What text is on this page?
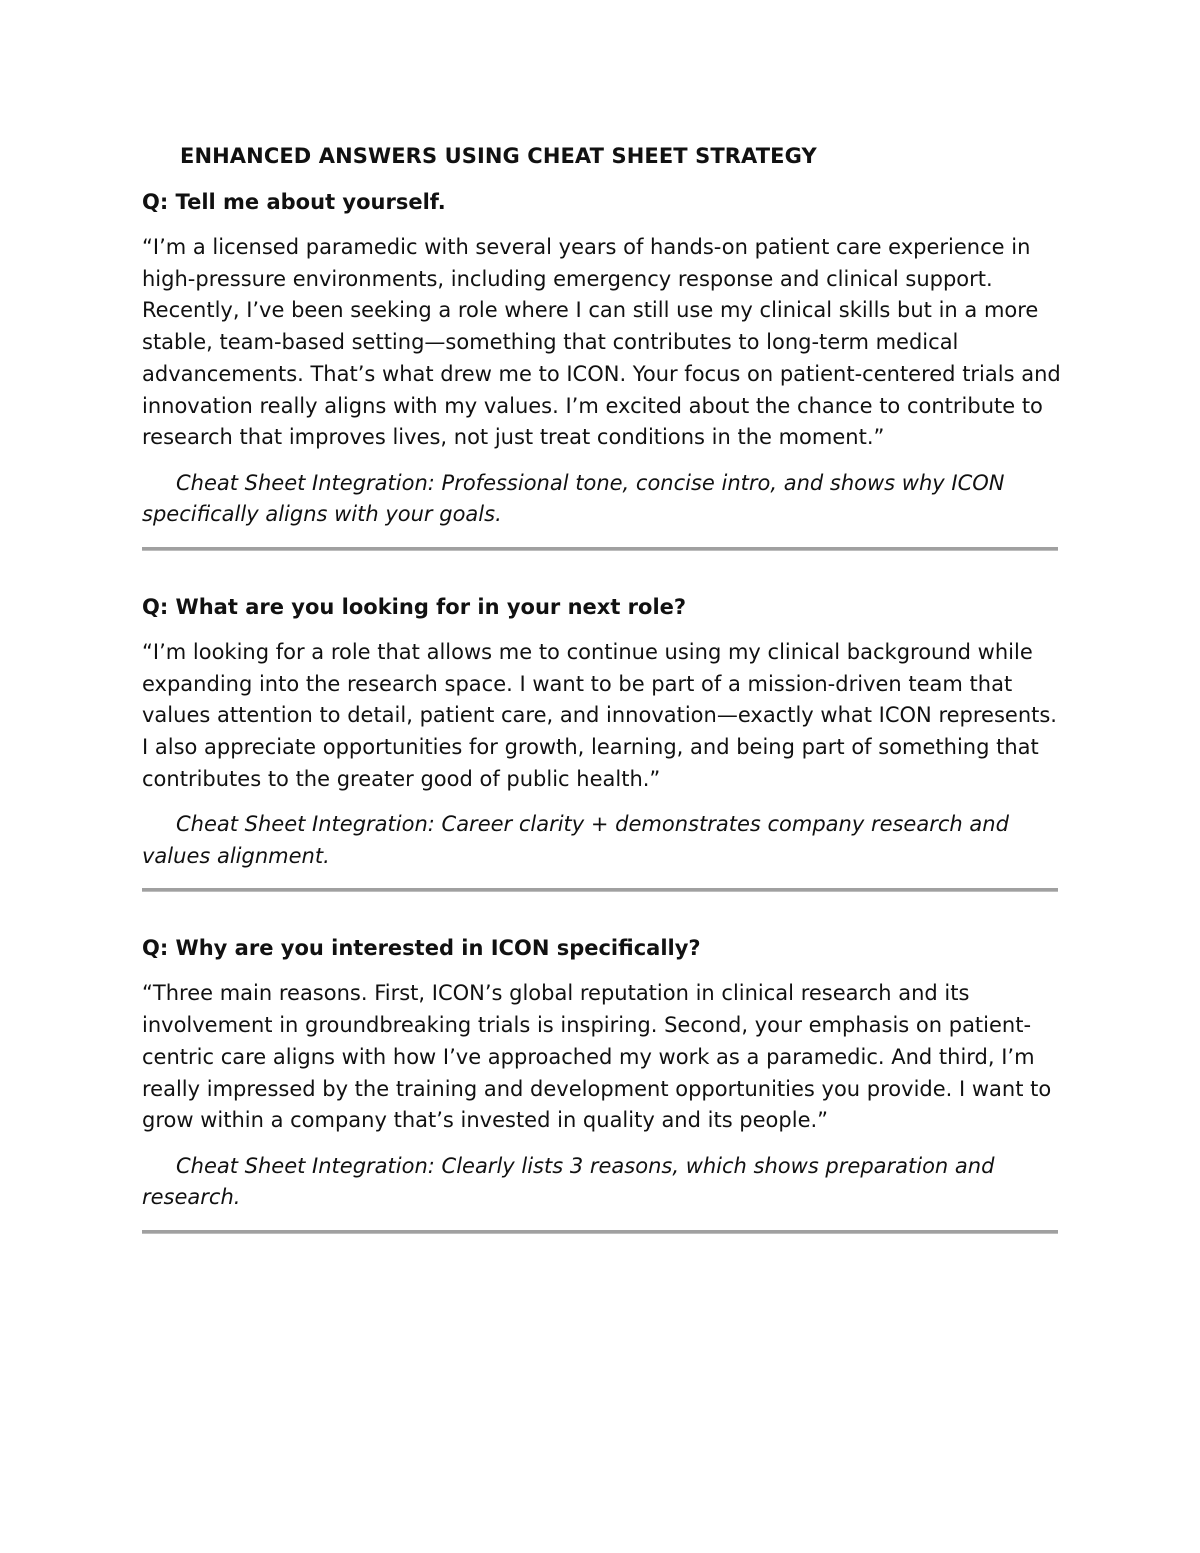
ENHANCED ANSWERS USING CHEAT SHEET STRATEGY

Q: Tell me about yourself.

“I’m a licensed paramedic with several years of hands-on patient care experience in high-pressure environments, including emergency response and clinical support. Recently, I’ve been seeking a role where I can still use my clinical skills but in a more stable, team-based setting—something that contributes to long-term medical advancements. That’s what drew me to ICON. Your focus on patient-centered trials and innovation really aligns with my values. I’m excited about the chance to contribute to research that improves lives, not just treat conditions in the moment.”

Cheat Sheet Integration: Professional tone, concise intro, and shows why ICON specifically aligns with your goals.

Q: What are you looking for in your next role?

“I’m looking for a role that allows me to continue using my clinical background while expanding into the research space. I want to be part of a mission-driven team that values attention to detail, patient care, and innovation—exactly what ICON represents. I also appreciate opportunities for growth, learning, and being part of something that contributes to the greater good of public health.”

Cheat Sheet Integration: Career clarity + demonstrates company research and values alignment.

Q: Why are you interested in ICON specifically?

“Three main reasons. First, ICON’s global reputation in clinical research and its involvement in groundbreaking trials is inspiring. Second, your emphasis on patient-centric care aligns with how I’ve approached my work as a paramedic. And third, I’m really impressed by the training and development opportunities you provide. I want to grow within a company that’s invested in quality and its people.”

Cheat Sheet Integration: Clearly lists 3 reasons, which shows preparation and research.
